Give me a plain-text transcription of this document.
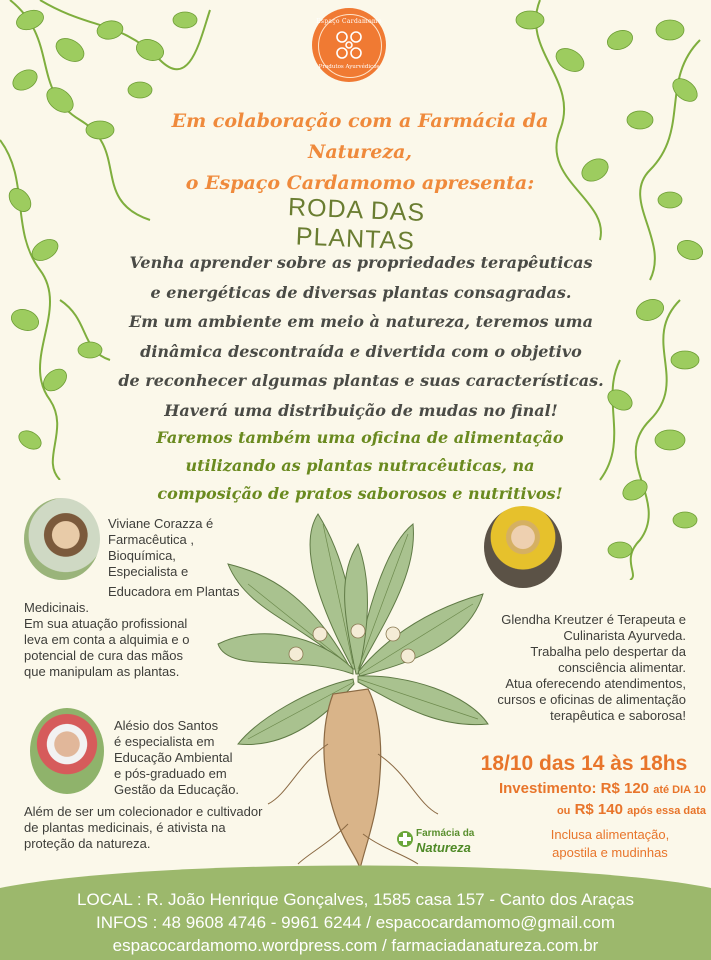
Espaço Cardamomo
Produtos Ayurvédicos
Em colaboração com a Farmácia da Natureza,
o Espaço Cardamomo apresenta:
RODA DAS PLANTAS
Venha aprender sobre as propriedades terapêuticas
e energéticas de diversas plantas consagradas.
Em um ambiente em meio à natureza, teremos uma
dinâmica descontraída e divertida com o objetivo
de reconhecer algumas plantas e suas características.
Haverá uma distribuição de mudas no final!
Faremos também uma oficina de alimentação
utilizando as plantas nutracêuticas, na
composição de pratos saborosos e nutritivos!
Viviane Corazza é
Farmacêutica ,
Bioquímica,
Especialista e
Educadora em Plantas
Medicinais.
Em sua atuação profissional
leva em conta a alquimia e o
potencial de cura das mãos
que manipulam as plantas.
Glendha Kreutzer é Terapeuta e
Culinarista Ayurveda.
Trabalha pelo despertar da
consciência alimentar.
Atua oferecendo atendimentos,
cursos e oficinas de alimentação
terapêutica e saborosa!
Alésio dos Santos
é especialista em
Educação Ambiental
e pós-graduado em
Gestão da Educação.
Além de ser um colecionador e cultivador
de plantas medicinais, é ativista na
proteção da natureza.
18/10 das 14 às 18hs
Investimento: R$ 120 até DIA 10
ou R$ 140 após essa data
Inclusa alimentação,
apostila e mudinhas
Farmácia da
Natureza
LOCAL : R. João Henrique Gonçalves, 1585 casa 157 - Canto dos Araças
INFOS : 48 9608 4746 - 9961 6244 / espacocardamomo@gmail.com
espacocardamomo.wordpress.com / farmaciadanatureza.com.br
